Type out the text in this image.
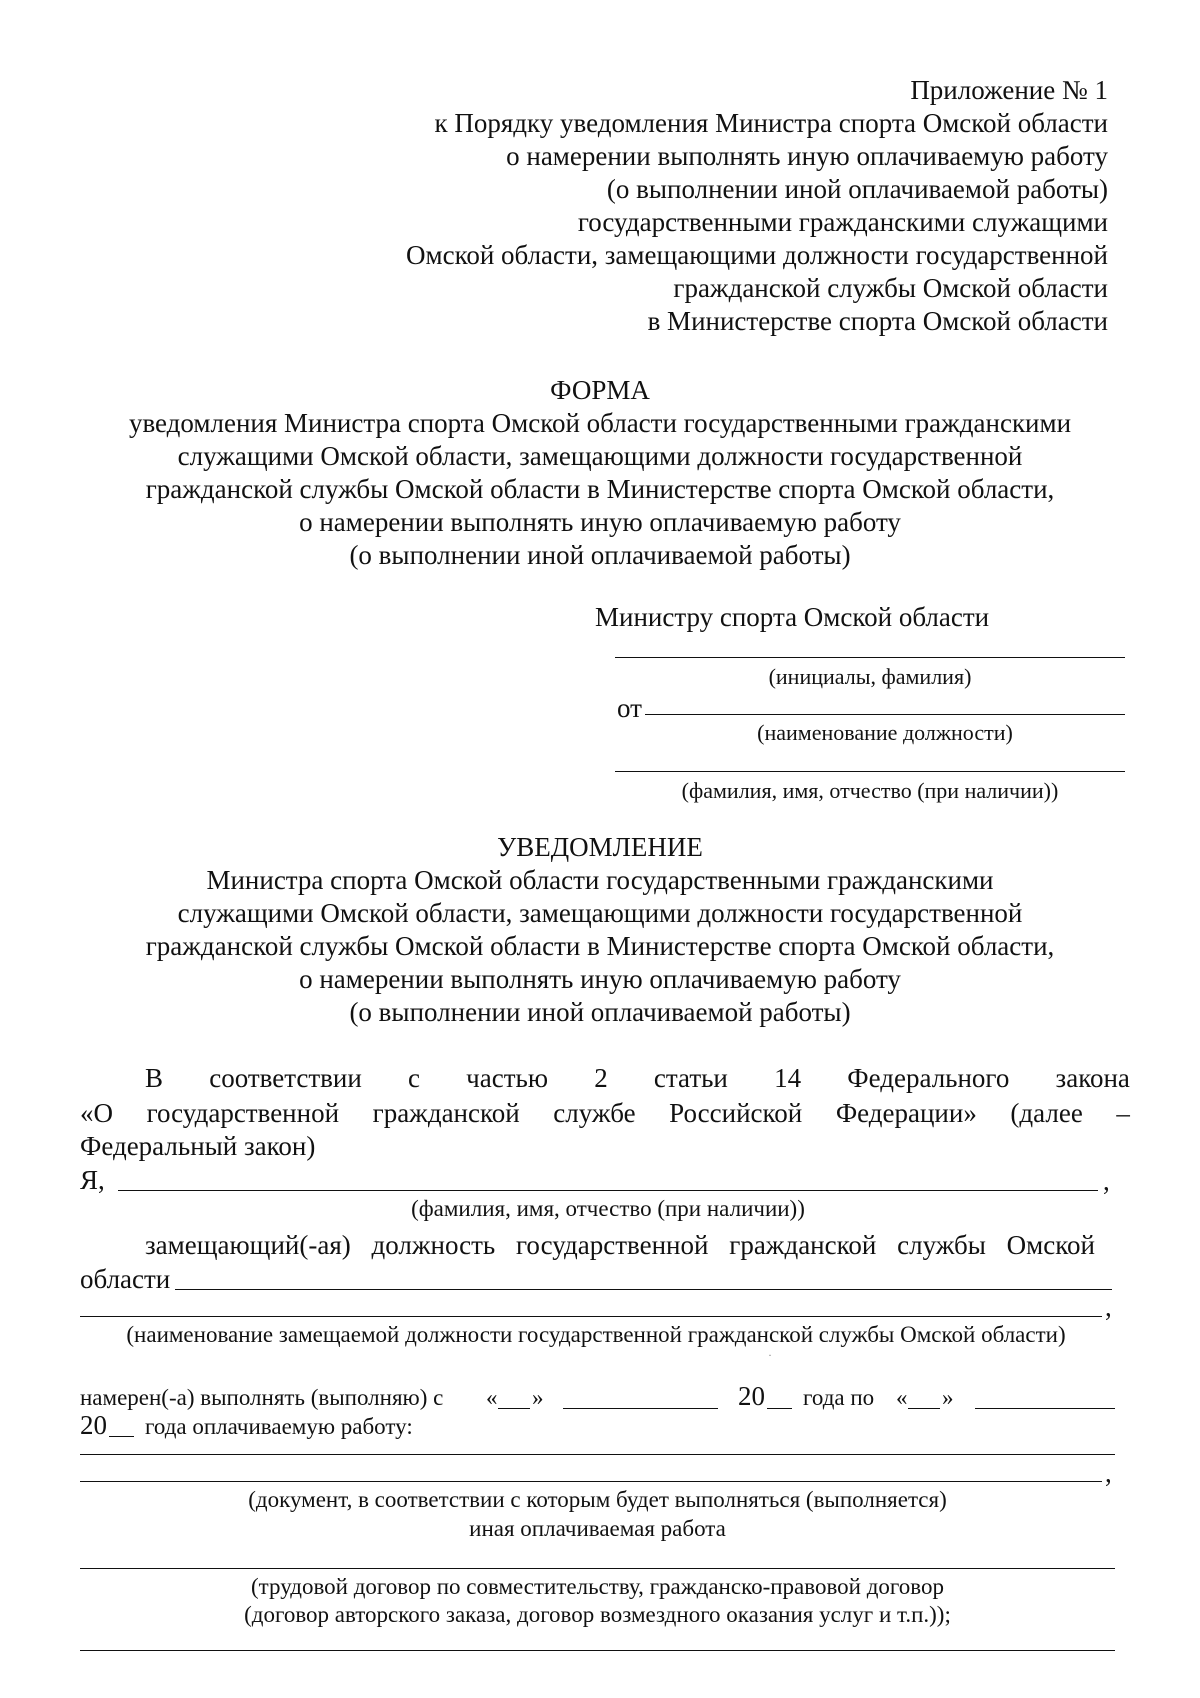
Приложение № 1
к Порядку уведомления Министра спорта Омской области
о намерении выполнять иную оплачиваемую работу
(о выполнении иной оплачиваемой работы)
государственными гражданскими служащими
Омской области, замещающими должности государственной
гражданской службы Омской области
в Министерстве спорта Омской области
ФОРМА
уведомления Министра спорта Омской области государственными гражданскими
служащими Омской области, замещающими должности государственной
гражданской службы Омской области в Министерстве спорта Омской области,
о намерении выполнять иную оплачиваемую работу
(о выполнении иной оплачиваемой работы)
Министру спорта Омской области
(инициалы, фамилия)
от
(наименование должности)
(фамилия, имя, отчество (при наличии))
УВЕДОМЛЕНИЕ
Министра спорта Омской области государственными гражданскими
служащими Омской области, замещающими должности государственной
гражданской службы Омской области в Министерстве спорта Омской области,
о намерении выполнять иную оплачиваемую работу
(о выполнении иной оплачиваемой работы)
В соответствии с частью 2 статьи 14 Федерального закона
«О государственной гражданской службе Российской Федерации» (далее –
Федеральный закон)
Я,	,
(фамилия, имя, отчество (при наличии))
замещающий(-ая) должность государственной гражданской службы Омской
области
,
(наименование замещаемой должности государственной гражданской службы Омской области)
·
намерен(-а) выполнять (выполняю) с « »	20 года по « »
20 года оплачиваемую работу:
,
(документ, в соответствии с которым будет выполняться (выполняется)
иная оплачиваемая работа
(трудовой договор по совместительству, гражданско-правовой договор
(договор авторского заказа, договор возмездного оказания услуг и т.п.));
